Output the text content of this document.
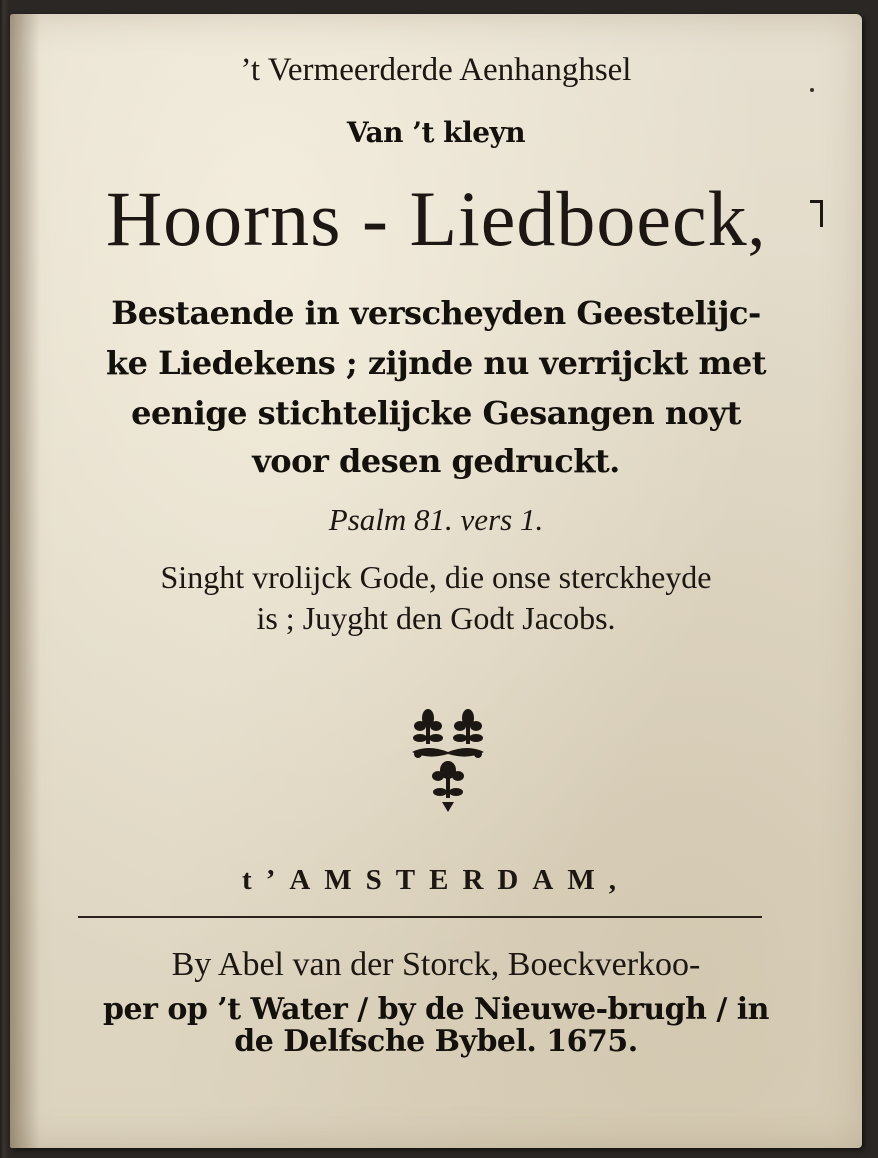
’t Vermeerderde Aenhanghsel

Van ’t kleyn

Hoorns - Liedboeck,

Bestaende in verscheyden Geestelijc-

ke Liedekens ; zijnde nu verrijckt met

eenige stichtelijcke Gesangen noyt

voor desen gedruckt.

Psalm 81. vers 1.

Singht vrolijck Gode, die onse sterckheyde

is ; Juyght den Godt Jacobs.

t’AMSTERDAM,

By Abel van der Storck, Boeckverkoo-

per op ’t Water / by de Nieuwe-brugh / in

de Delfsche Bybel. 1675.
